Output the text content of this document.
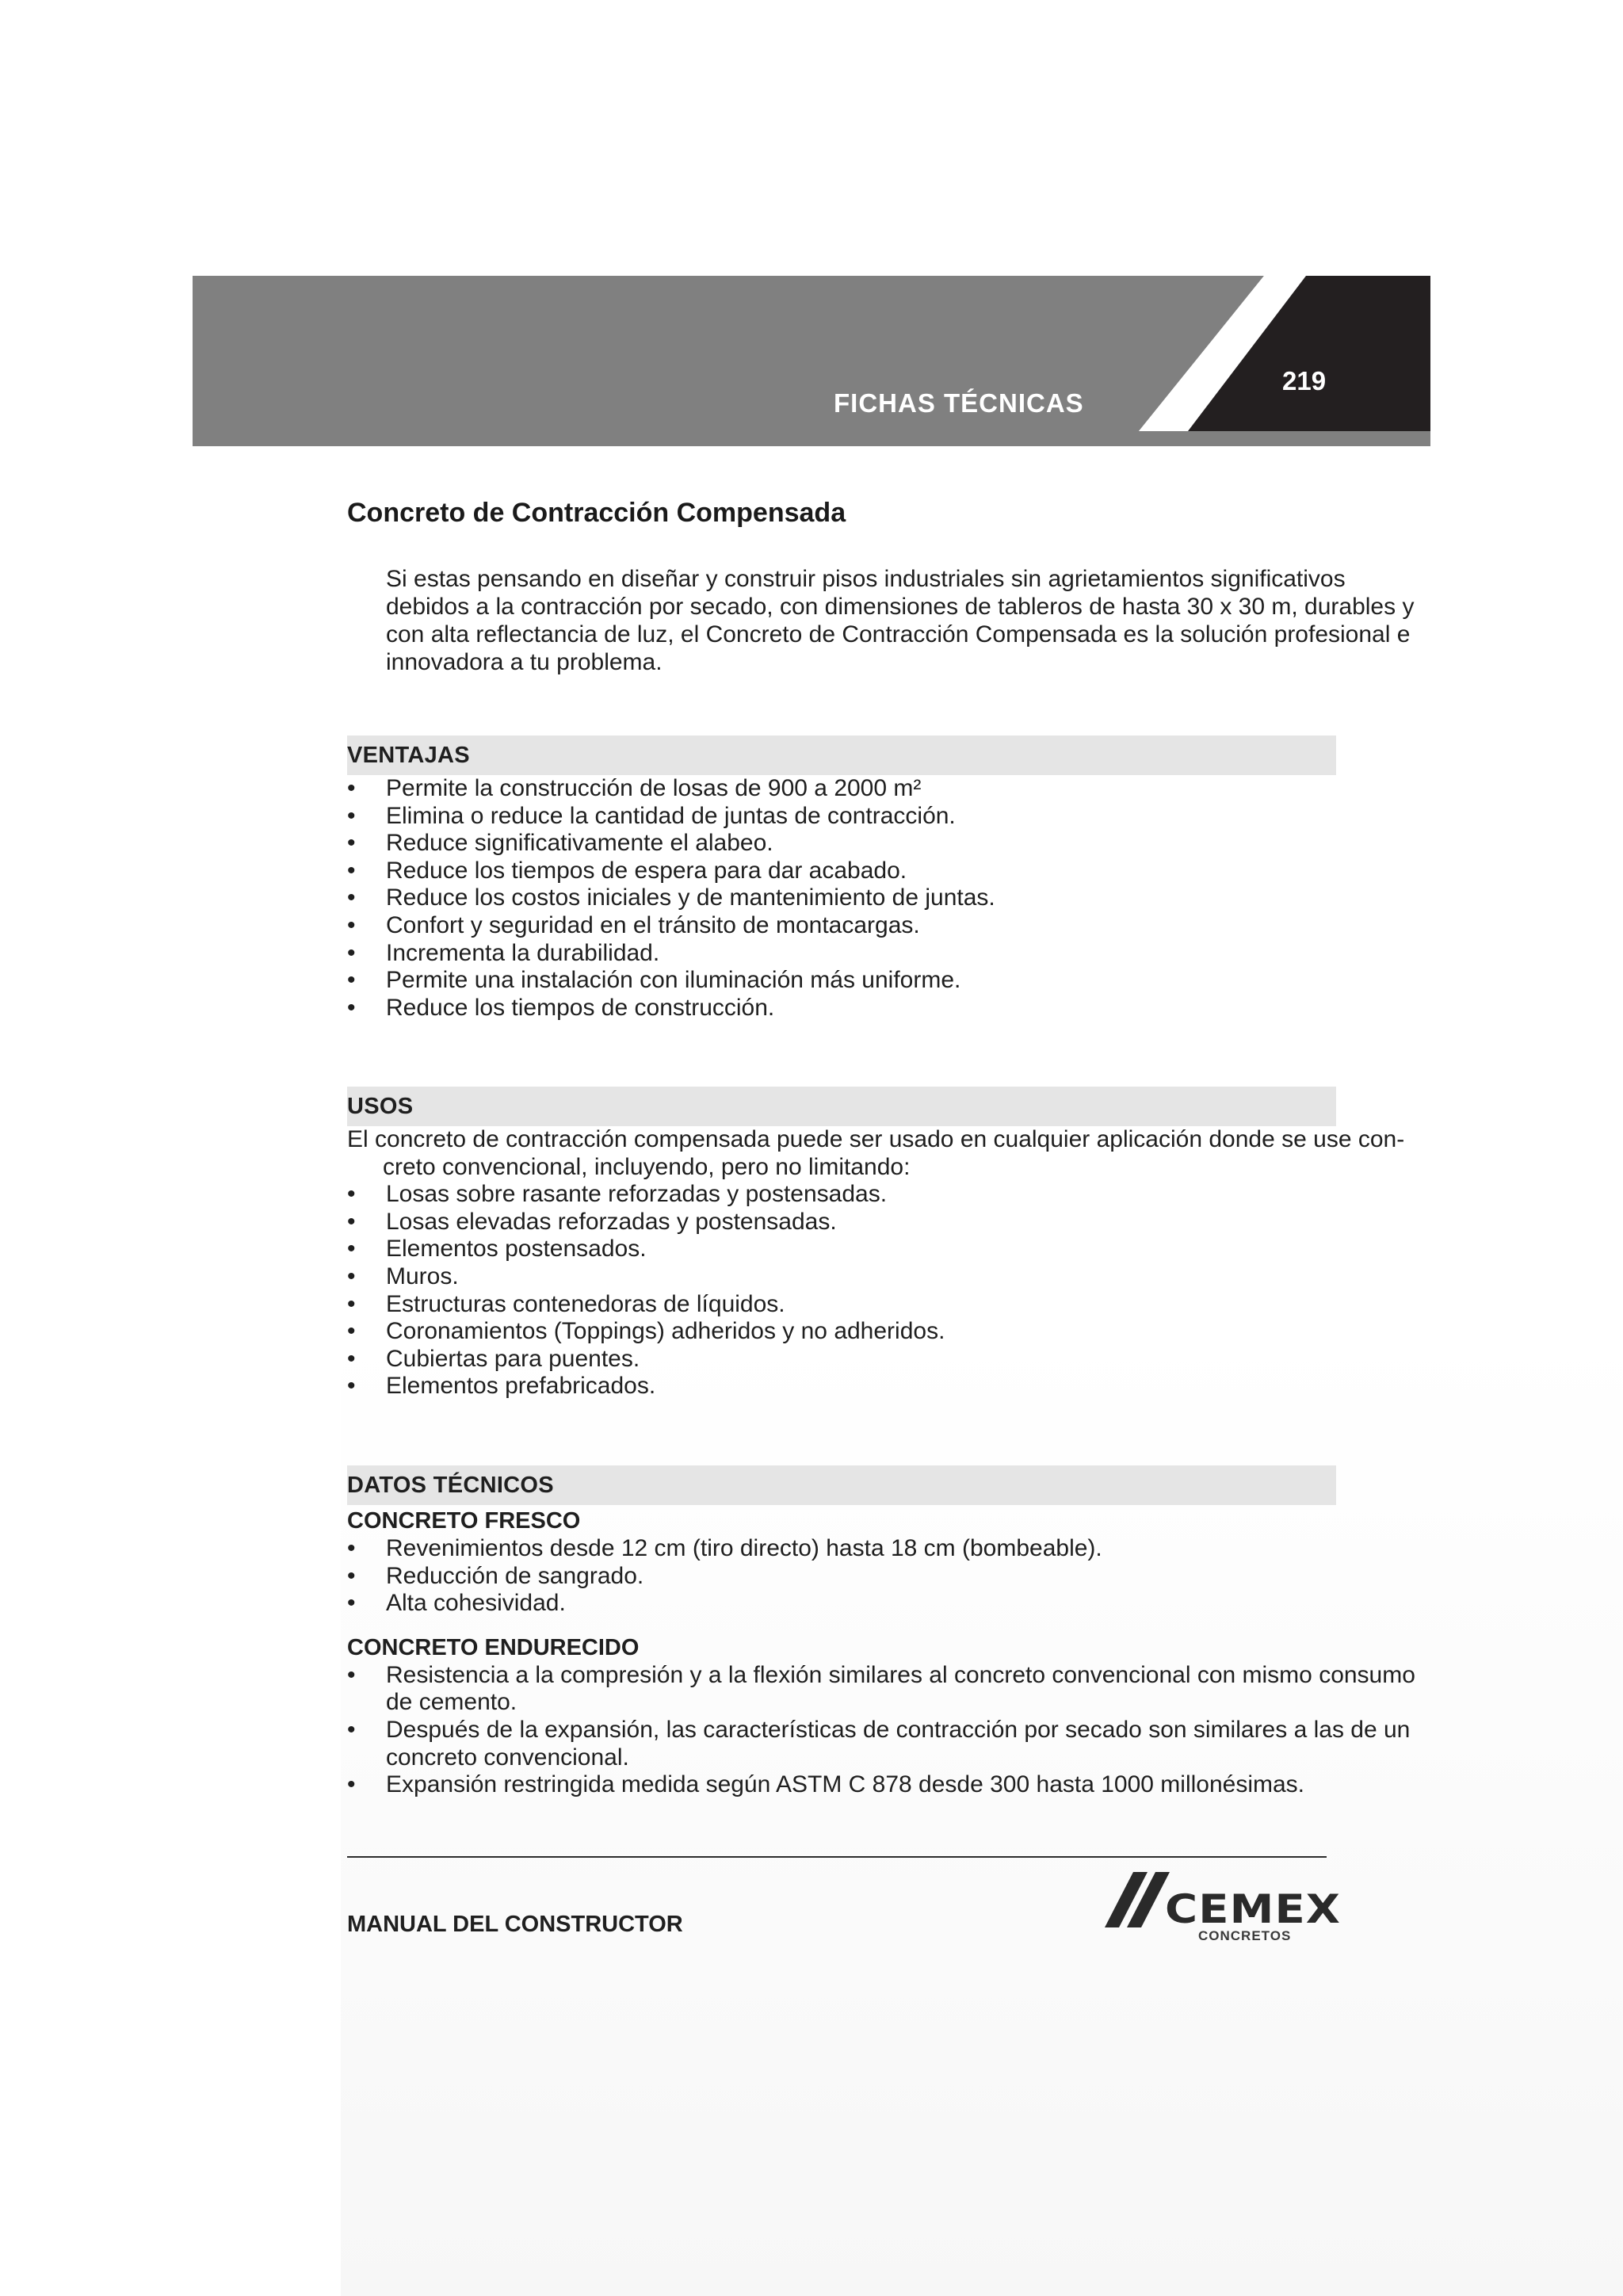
FICHAS TÉCNICAS
219
Concreto de Contracción Compensada

Si estas pensando en diseñar y construir pisos industriales sin agrietamientos significativos

debidos a la contracción por secado, con dimensiones de tableros de hasta 30 x 30 m, durables y

con alta reflectancia de luz, el Concreto de Contracción Compensada es la solución profesional e

innovadora a tu problema.

VENTAJAS
• Permite la construcción de losas de 900 a 2000 m²
• Elimina o reduce la cantidad de juntas de contracción.
• Reduce significativamente el alabeo.
• Reduce los tiempos de espera para dar acabado.
• Reduce los costos iniciales y de mantenimiento de juntas.
• Confort y seguridad en el tránsito de montacargas.
• Incrementa la durabilidad.
• Permite una instalación con iluminación más uniforme.
• Reduce los tiempos de construcción.
USOS
El concreto de contracción compensada puede ser usado en cualquier aplicación donde se use con-
creto convencional, incluyendo, pero no limitando:
• Losas sobre rasante reforzadas y postensadas.
• Losas elevadas reforzadas y postensadas.
• Elementos postensados.
• Muros.
• Estructuras contenedoras de líquidos.
• Coronamientos (Toppings) adheridos y no adheridos.
• Cubiertas para puentes.
• Elementos prefabricados.
DATOS TÉCNICOS
CONCRETO FRESCO
• Revenimientos desde 12 cm (tiro directo) hasta 18 cm (bombeable).
• Reducción de sangrado.
• Alta cohesividad.
CONCRETO ENDURECIDO
• Resistencia a la compresión y a la flexión similares al concreto convencional con mismo consumo
de cemento.
• Después de la expansión, las características de contracción por secado son similares a las de un
concreto convencional.
• Expansión restringida medida según ASTM C 878 desde 300 hasta 1000 millonésimas.
MANUAL DEL CONSTRUCTOR	CEMEX
CONCRETOS
